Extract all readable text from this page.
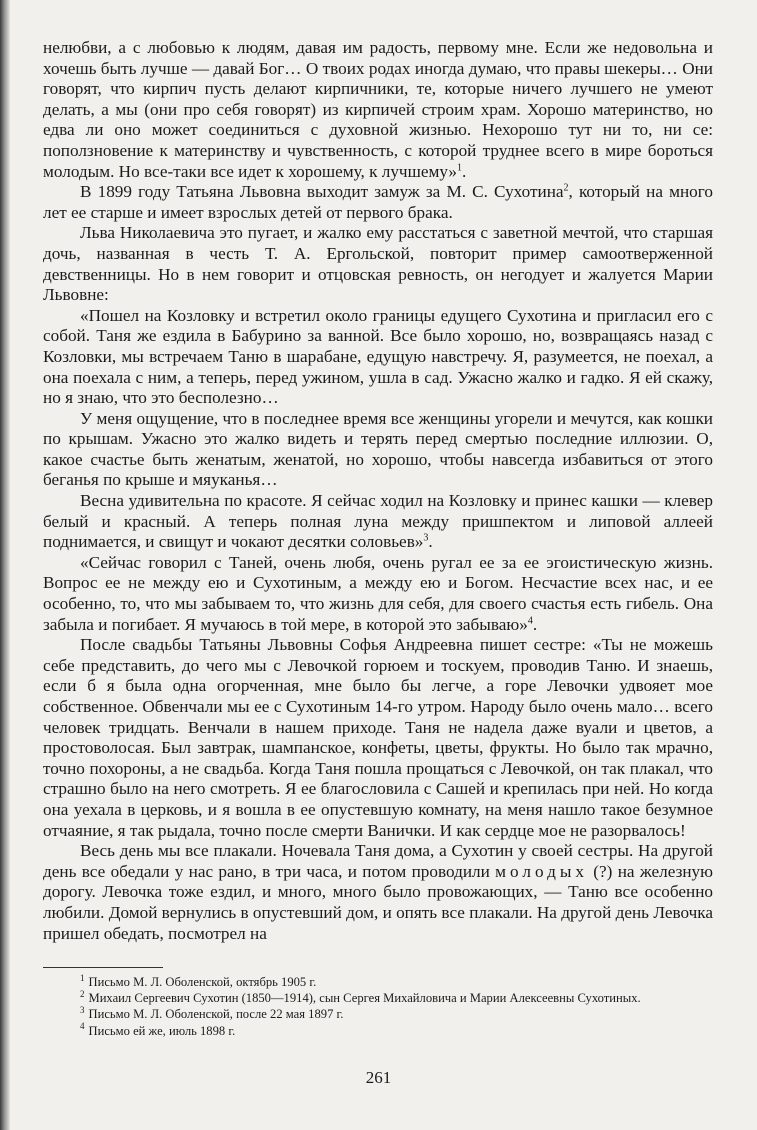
нелюбви, а с любовью к людям, давая им радость, первому мне. Если же недовольна и хочешь быть лучше — давай Бог… О твоих родах иногда думаю, что правы шекеры… Они говорят, что кирпич пусть делают кирпичники, те, которые ничего лучшего не умеют делать, а мы (они про себя говорят) из кирпичей строим храм. Хорошо материнство, но едва ли оно может соединиться с духовной жизнью. Нехорошо тут ни то, ни се: поползновение к материнству и чувственность, с которой труднее всего в мире бороться молодым. Но все-таки все идет к хорошему, к лучшему»$^1$.

В 1899 году Татьяна Львовна выходит замуж за М. С. Сухотина$^2$, который на много лет ее старше и имеет взрослых детей от первого брака.

Льва Николаевича это пугает, и жалко ему расстаться с заветной мечтой, что старшая дочь, названная в честь Т. А. Ергольской, повторит пример самоотверженной девственницы. Но в нем говорит и отцовская ревность, он негодует и жалуется Марии Львовне:

«Пошел на Козловку и встретил около границы едущего Сухотина и пригласил его с собой. Таня же ездила в Бабурино за ванной. Все было хорошо, но, возвращаясь назад с Козловки, мы встречаем Таню в шарабане, едущую навстречу. Я, разумеется, не поехал, а она поехала с ним, а теперь, перед ужином, ушла в сад. Ужасно жалко и гадко. Я ей скажу, но я знаю, что это бесполезно…

У меня ощущение, что в последнее время все женщины угорели и мечутся, как кошки по крышам. Ужасно это жалко видеть и терять перед смертью последние иллюзии. О, какое счастье быть женатым, женатой, но хорошо, чтобы навсегда избавиться от этого беганья по крыше и мяуканья…

Весна удивительна по красоте. Я сейчас ходил на Козловку и принес кашки — клевер белый и красный. А теперь полная луна между пришпектом и липовой аллеей поднимается, и свищут и чокают десятки соловьев»$^3$.

«Сейчас говорил с Таней, очень любя, очень ругал ее за ее эгоистическую жизнь. Вопрос ее не между ею и Сухотиным, а между ею и Богом. Несчастие всех нас, и ее особенно, то, что мы забываем то, что жизнь для себя, для своего счастья есть гибель. Она забыла и погибает. Я мучаюсь в той мере, в которой это забываю»$^4$.

После свадьбы Татьяны Львовны Софья Андреевна пишет сестре: «Ты не можешь себе представить, до чего мы с Левочкой горюем и тоскуем, проводив Таню. И знаешь, если б я была одна огорченная, мне было бы легче, а горе Левочки удвояет мое собственное. Обвенчали мы ее с Сухотиным 14-го утром. Народу было очень мало… всего человек тридцать. Венчали в нашем приходе. Таня не надела даже вуали и цветов, а простоволосая. Был завтрак, шампанское, конфеты, цветы, фрукты. Но было так мрачно, точно похороны, а не свадьба. Когда Таня пошла прощаться с Левочкой, он так плакал, что страшно было на него смотреть. Я ее благословила с Сашей и крепилась при ней. Но когда она уехала в церковь, и я вошла в ее опустевшую комнату, на меня нашло такое безумное отчаяние, я так рыдала, точно после смерти Ванички. И как сердце мое не разорвалось!

Весь день мы все плакали. Ночевала Таня дома, а Сухотин у своей сестры. На другой день все обедали у нас рано, в три часа, и потом проводили молодых (?) на железную дорогу. Левочка тоже ездил, и много, много было провожающих, — Таню все особенно любили. Домой вернулись в опустевший дом, и опять все плакали. На другой день Левочка пришел обедать, посмотрел на

$^1$ Письмо М. Л. Оболенской, октябрь 1905 г.

$^2$ Михаил Сергеевич Сухотин (1850—1914), сын Сергея Михайловича и Марии Алексеевны Сухотиных.

$^3$ Письмо М. Л. Оболенской, после 22 мая 1897 г.

$^4$ Письмо ей же, июль 1898 г.

261
